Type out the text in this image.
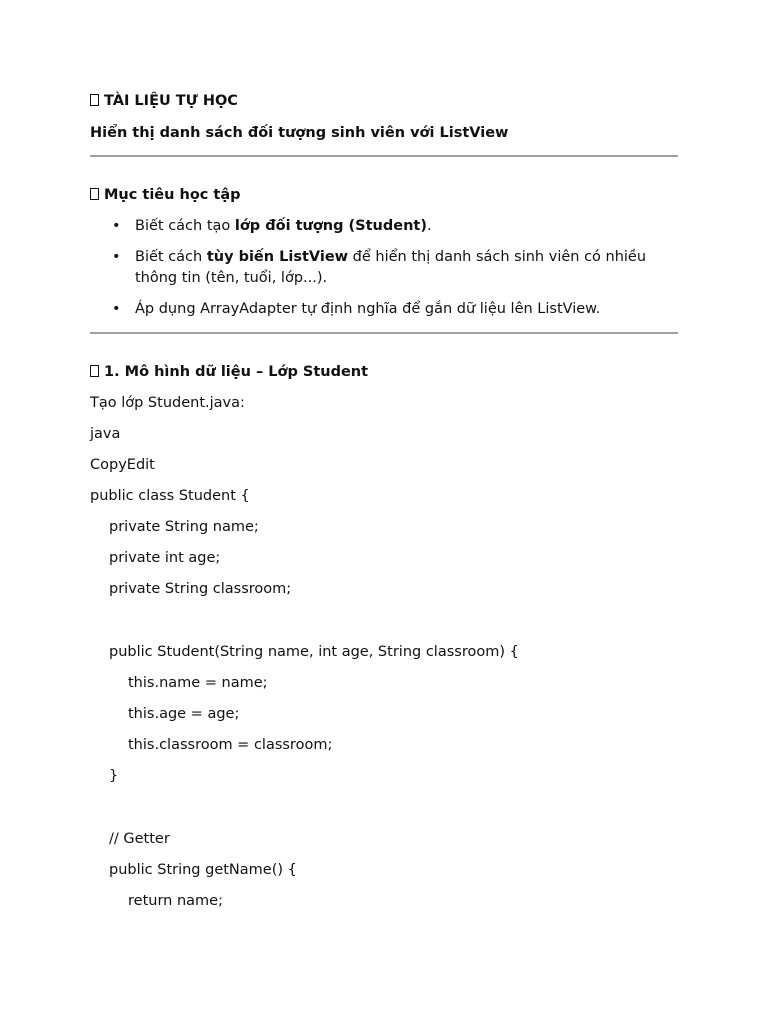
TÀI LIỆU TỰ HỌC
Hiển thị danh sách đối tượng sinh viên với ListView
Mục tiêu học tập
• Biết cách tạo lớp đối tượng (Student).
• Biết cách tùy biến ListView để hiển thị danh sách sinh viên có nhiều thông tin (tên, tuổi, lớp...).
• Áp dụng ArrayAdapter tự định nghĩa để gắn dữ liệu lên ListView.
1. Mô hình dữ liệu – Lớp Student
Tạo lớp Student.java:
java
CopyEdit
public class Student {
private String name;
private int age;
private String classroom;
public Student(String name, int age, String classroom) {
this.name = name;
this.age = age;
this.classroom = classroom;
}
// Getter
public String getName() {
return name;
